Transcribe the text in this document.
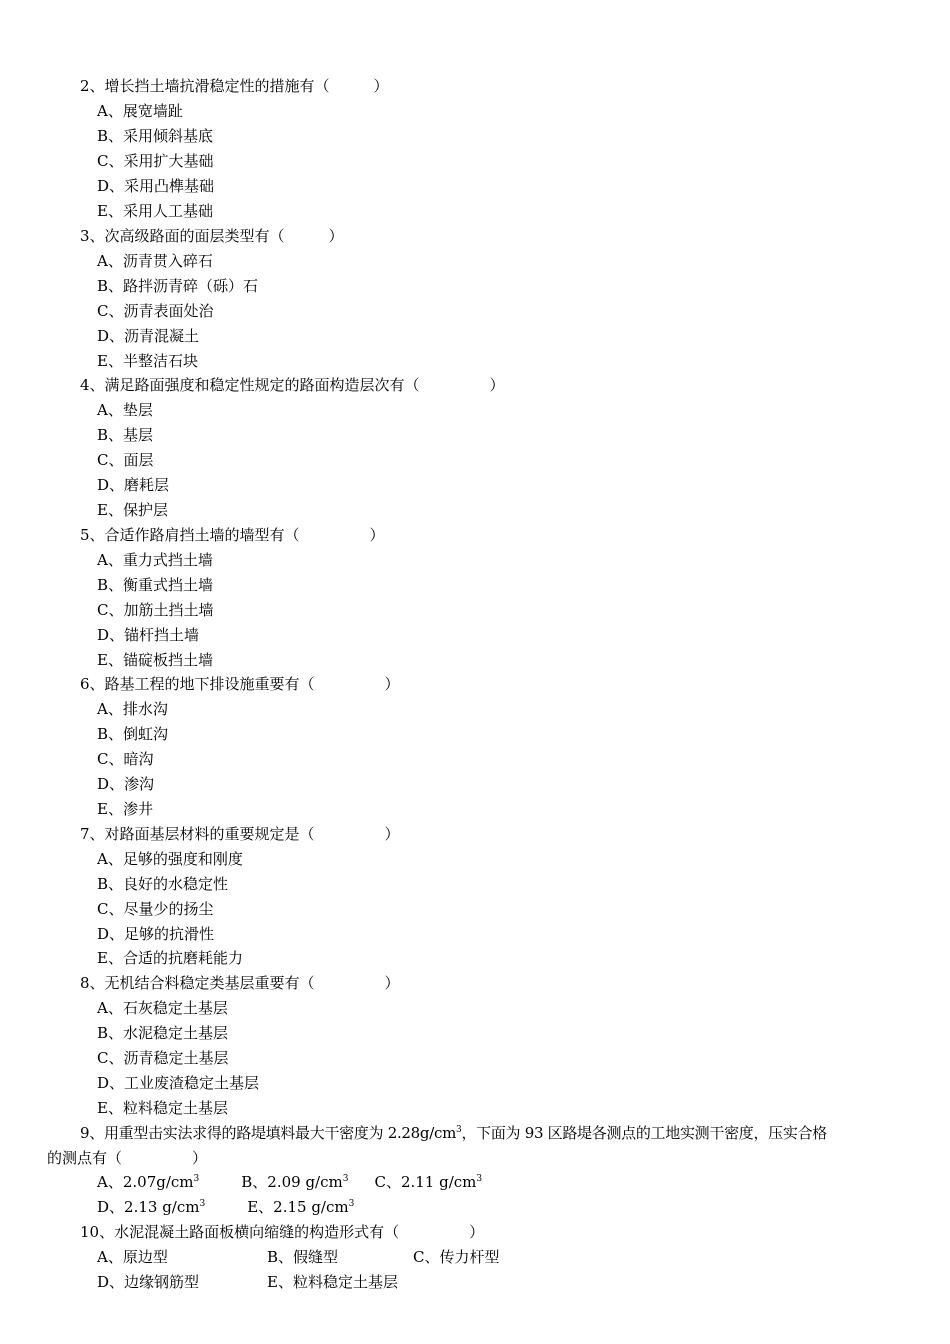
2、增长挡土墙抗滑稳定性的措施有（	）
A、展宽墙趾
B、采用倾斜基底
C、采用扩大基础
D、采用凸榫基础
E、采用人工基础
3、次高级路面的面层类型有（	）
A、沥青贯入碎石
B、路拌沥青碎（砾）石
C、沥青表面处治
D、沥青混凝土
E、半整洁石块
4、满足路面强度和稳定性规定的路面构造层次有（	）
A、垫层
B、基层
C、面层
D、磨耗层
E、保护层
5、合适作路肩挡土墙的墙型有（	）
A、重力式挡土墙
B、衡重式挡土墙
C、加筋土挡土墙
D、锚杆挡土墙
E、锚碇板挡土墙
6、路基工程的地下排设施重要有（	）
A、排水沟
B、倒虹沟
C、暗沟
D、渗沟
E、渗井
7、对路面基层材料的重要规定是（	）
A、足够的强度和刚度
B、良好的水稳定性
C、尽量少的扬尘
D、足够的抗滑性
E、合适的抗磨耗能力
8、无机结合料稳定类基层重要有（	）
A、石灰稳定土基层
B、水泥稳定土基层
C、沥青稳定土基层
D、工业废渣稳定土基层
E、粒料稳定土基层
9、用重型击实法求得的路堤填料最大干密度为 $2.28g/cm^3$，下面为 93 区路堤各测点的工地实测干密度，压实合格
的测点有（	）
A、$2.07g/cm^3$	B、2.09 $g/cm^3$ C、2.11 $g/cm^3$
D、2.13 $g/cm^3$	E、2.15 $g/cm^3$
10、水泥混凝土路面板横向缩缝的构造形式有（	）
A、原边型	B、假缝型	C、传力杆型
D、边缘钢筋型	E、粒料稳定土基层
